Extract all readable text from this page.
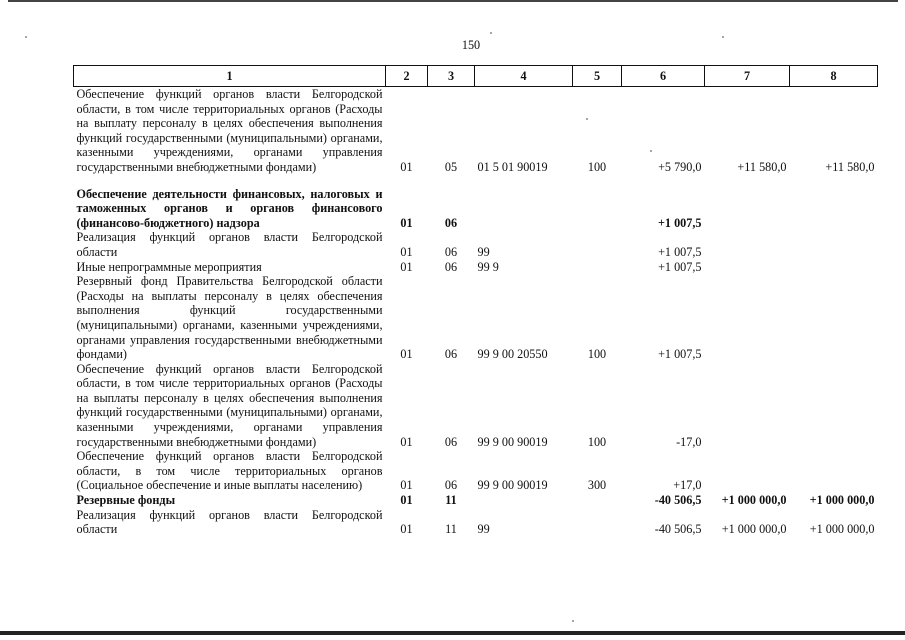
150
1	2	3	4	5	6	7	8
Обеспечение функций органов власти Белгородской области, в том числе территориальных органов (Расходы на выплату персоналу в целях обеспечения выполнения функций государственными (муниципальными) органами, казенными учреждениями, органами управления государственными внебюджетными фондами)	01	05	01 5 01 90019	100	+5 790,0	+11 580,0	+11 580,0
Обеспечение деятельности финансовых, налоговых и таможенных органов и органов финансового (финансово-бюджетного) надзора	01	06			+1 007,5		
Реализация функций органов власти Белгородской области	01	06	99		+1 007,5		
Иные непрограммные мероприятия	01	06	99 9		+1 007,5		
Резервный фонд Правительства Белгородской области (Расходы на выплаты персоналу в целях обеспечения выполнения функций государственными (муниципальными) органами, казенными учреждениями, органами управления государственными внебюджетными фондами)	01	06	99 9 00 20550	100	+1 007,5		
Обеспечение функций органов власти Белгородской области, в том числе территориальных органов (Расходы на выплаты персоналу в целях обеспечения выполнения функций государственными (муниципальными) органами, казенными учреждениями, органами управления государственными внебюджетными фондами)	01	06	99 9 00 90019	100	-17,0		
Обеспечение функций органов власти Белгородской области, в том числе территориальных органов (Социальное обеспечение и иные выплаты населению)	01	06	99 9 00 90019	300	+17,0		
Резервные фонды	01	11			-40 506,5	+1 000 000,0	+1 000 000,0
Реализация функций органов власти Белгородской области	01	11	99		-40 506,5	+1 000 000,0	+1 000 000,0
